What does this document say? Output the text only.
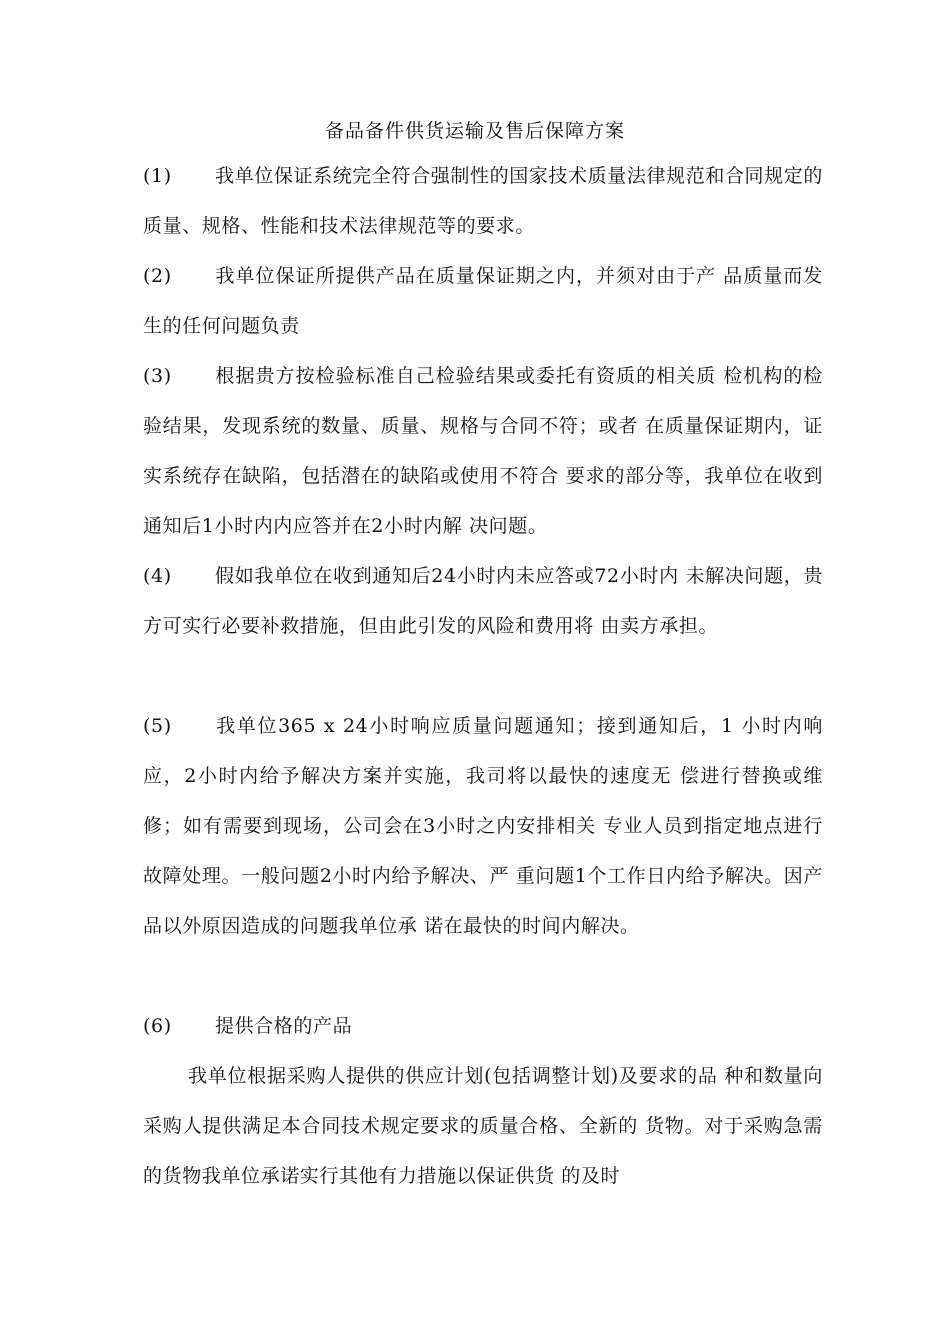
备品备件供货运输及售后保障方案
(1) 我单位保证系统完全符合强制性的国家技术质量法律规范和合同规定的质量、规格、性能和技术法律规范等的要求。
(2) 我单位保证所提供产品在质量保证期之内，并须对由于产 品质量而发生的任何问题负责
(3) 根据贵方按检验标准自己检验结果或委托有资质的相关质 检机构的检验结果，发现系统的数量、质量、规格与合同不符；或者 在质量保证期内，证实系统存在缺陷，包括潜在的缺陷或使用不符合 要求的部分等，我单位在收到通知后1小时内内应答并在2小时内解 决问题。
(4) 假如我单位在收到通知后24小时内未应答或72小时内 未解决问题，贵方可实行必要补救措施，但由此引发的风险和费用将 由卖方承担。
(5) 我单位365 x 24小时响应质量问题通知；接到通知后，1 小时内响应，2小时内给予解决方案并实施，我司将以最快的速度无 偿进行替换或维修；如有需要到现场，公司会在3小时之内安排相关 专业人员到指定地点进行故障处理。一般问题2小时内给予解决、严 重问题1个工作日内给予解决。因产品以外原因造成的问题我单位承 诺在最快的时间内解决。
(6) 提供合格的产品
我单位根据采购人提供的供应计划(包括调整计划)及要求的品 种和数量向采购人提供满足本合同技术规定要求的质量合格、全新的 货物。对于采购急需的货物我单位承诺实行其他有力措施以保证供货 的及时
